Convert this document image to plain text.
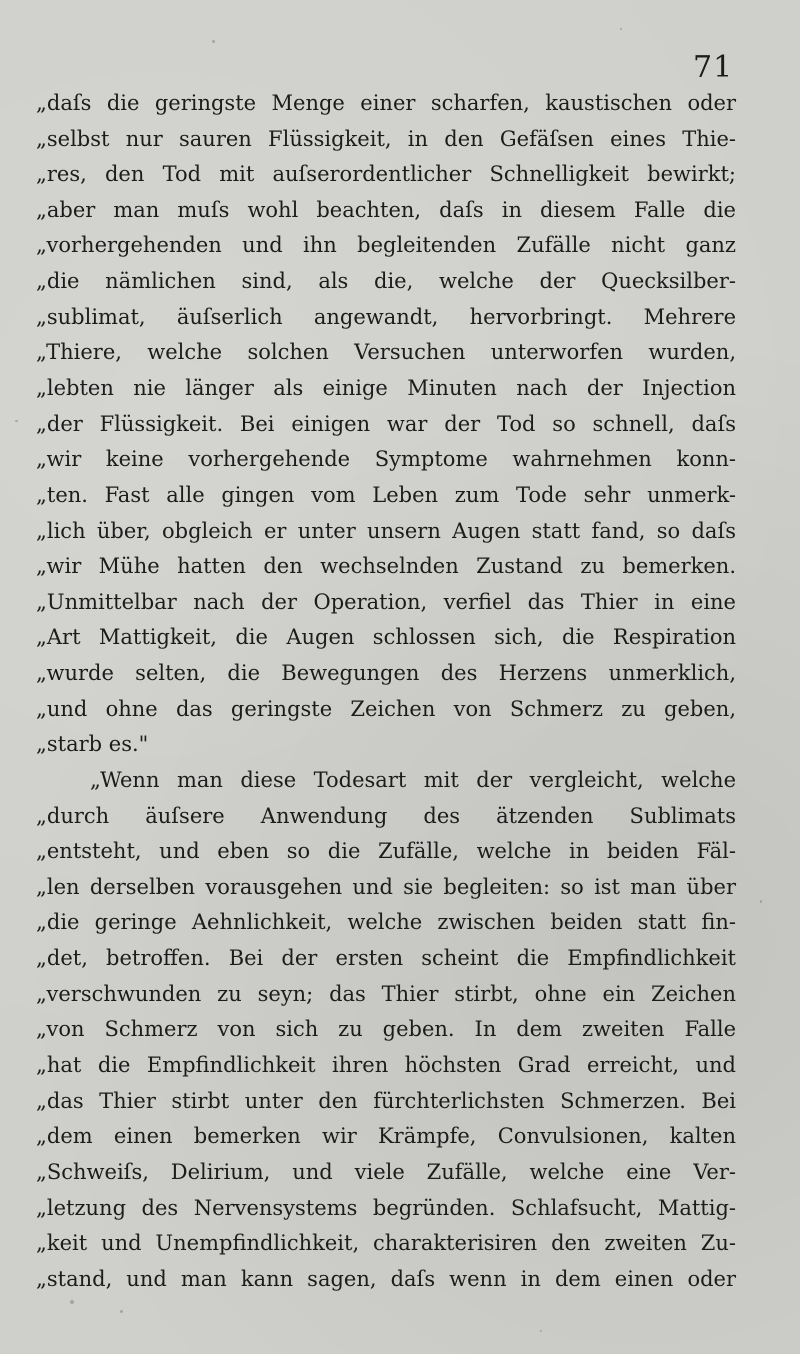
71
„daſs die geringste Menge einer scharfen, kaustischen oder
„selbst nur sauren Flüssigkeit, in den Gefäſsen eines Thie-
„res, den Tod mit auſserordentlicher Schnelligkeit bewirkt;
„aber man muſs wohl beachten, daſs in diesem Falle die
„vorhergehenden und ihn begleitenden Zufälle nicht ganz
„die nämlichen sind, als die, welche der Quecksilber-
„sublimat, äuſserlich angewandt, hervorbringt. Mehrere
„Thiere, welche solchen Versuchen unterworfen wurden,
„lebten nie länger als einige Minuten nach der Injection
„der Flüssigkeit. Bei einigen war der Tod so schnell, daſs
„wir keine vorhergehende Symptome wahrnehmen konn-
„ten. Fast alle gingen vom Leben zum Tode sehr unmerk-
„lich über, obgleich er unter unsern Augen statt fand, so daſs
„wir Mühe hatten den wechselnden Zustand zu bemerken.
„Unmittelbar nach der Operation, verfiel das Thier in eine
„Art Mattigkeit, die Augen schlossen sich, die Respiration
„wurde selten, die Bewegungen des Herzens unmerklich,
„und ohne das geringste Zeichen von Schmerz zu geben,
„starb es."
„Wenn man diese Todesart mit der vergleicht, welche
„durch äuſsere Anwendung des ätzenden Sublimats
„entsteht, und eben so die Zufälle, welche in beiden Fäl-
„len derselben vorausgehen und sie begleiten: so ist man über
„die geringe Aehnlichkeit, welche zwischen beiden statt fin-
„det, betroffen. Bei der ersten scheint die Empfindlichkeit
„verschwunden zu seyn; das Thier stirbt, ohne ein Zeichen
„von Schmerz von sich zu geben. In dem zweiten Falle
„hat die Empfindlichkeit ihren höchsten Grad erreicht, und
„das Thier stirbt unter den fürchterlichsten Schmerzen. Bei
„dem einen bemerken wir Krämpfe, Convulsionen, kalten
„Schweiſs, Delirium, und viele Zufälle, welche eine Ver-
„letzung des Nervensystems begründen. Schlafsucht, Mattig-
„keit und Unempfindlichkeit, charakterisiren den zweiten Zu-
„stand, und man kann sagen, daſs wenn in dem einen oder
